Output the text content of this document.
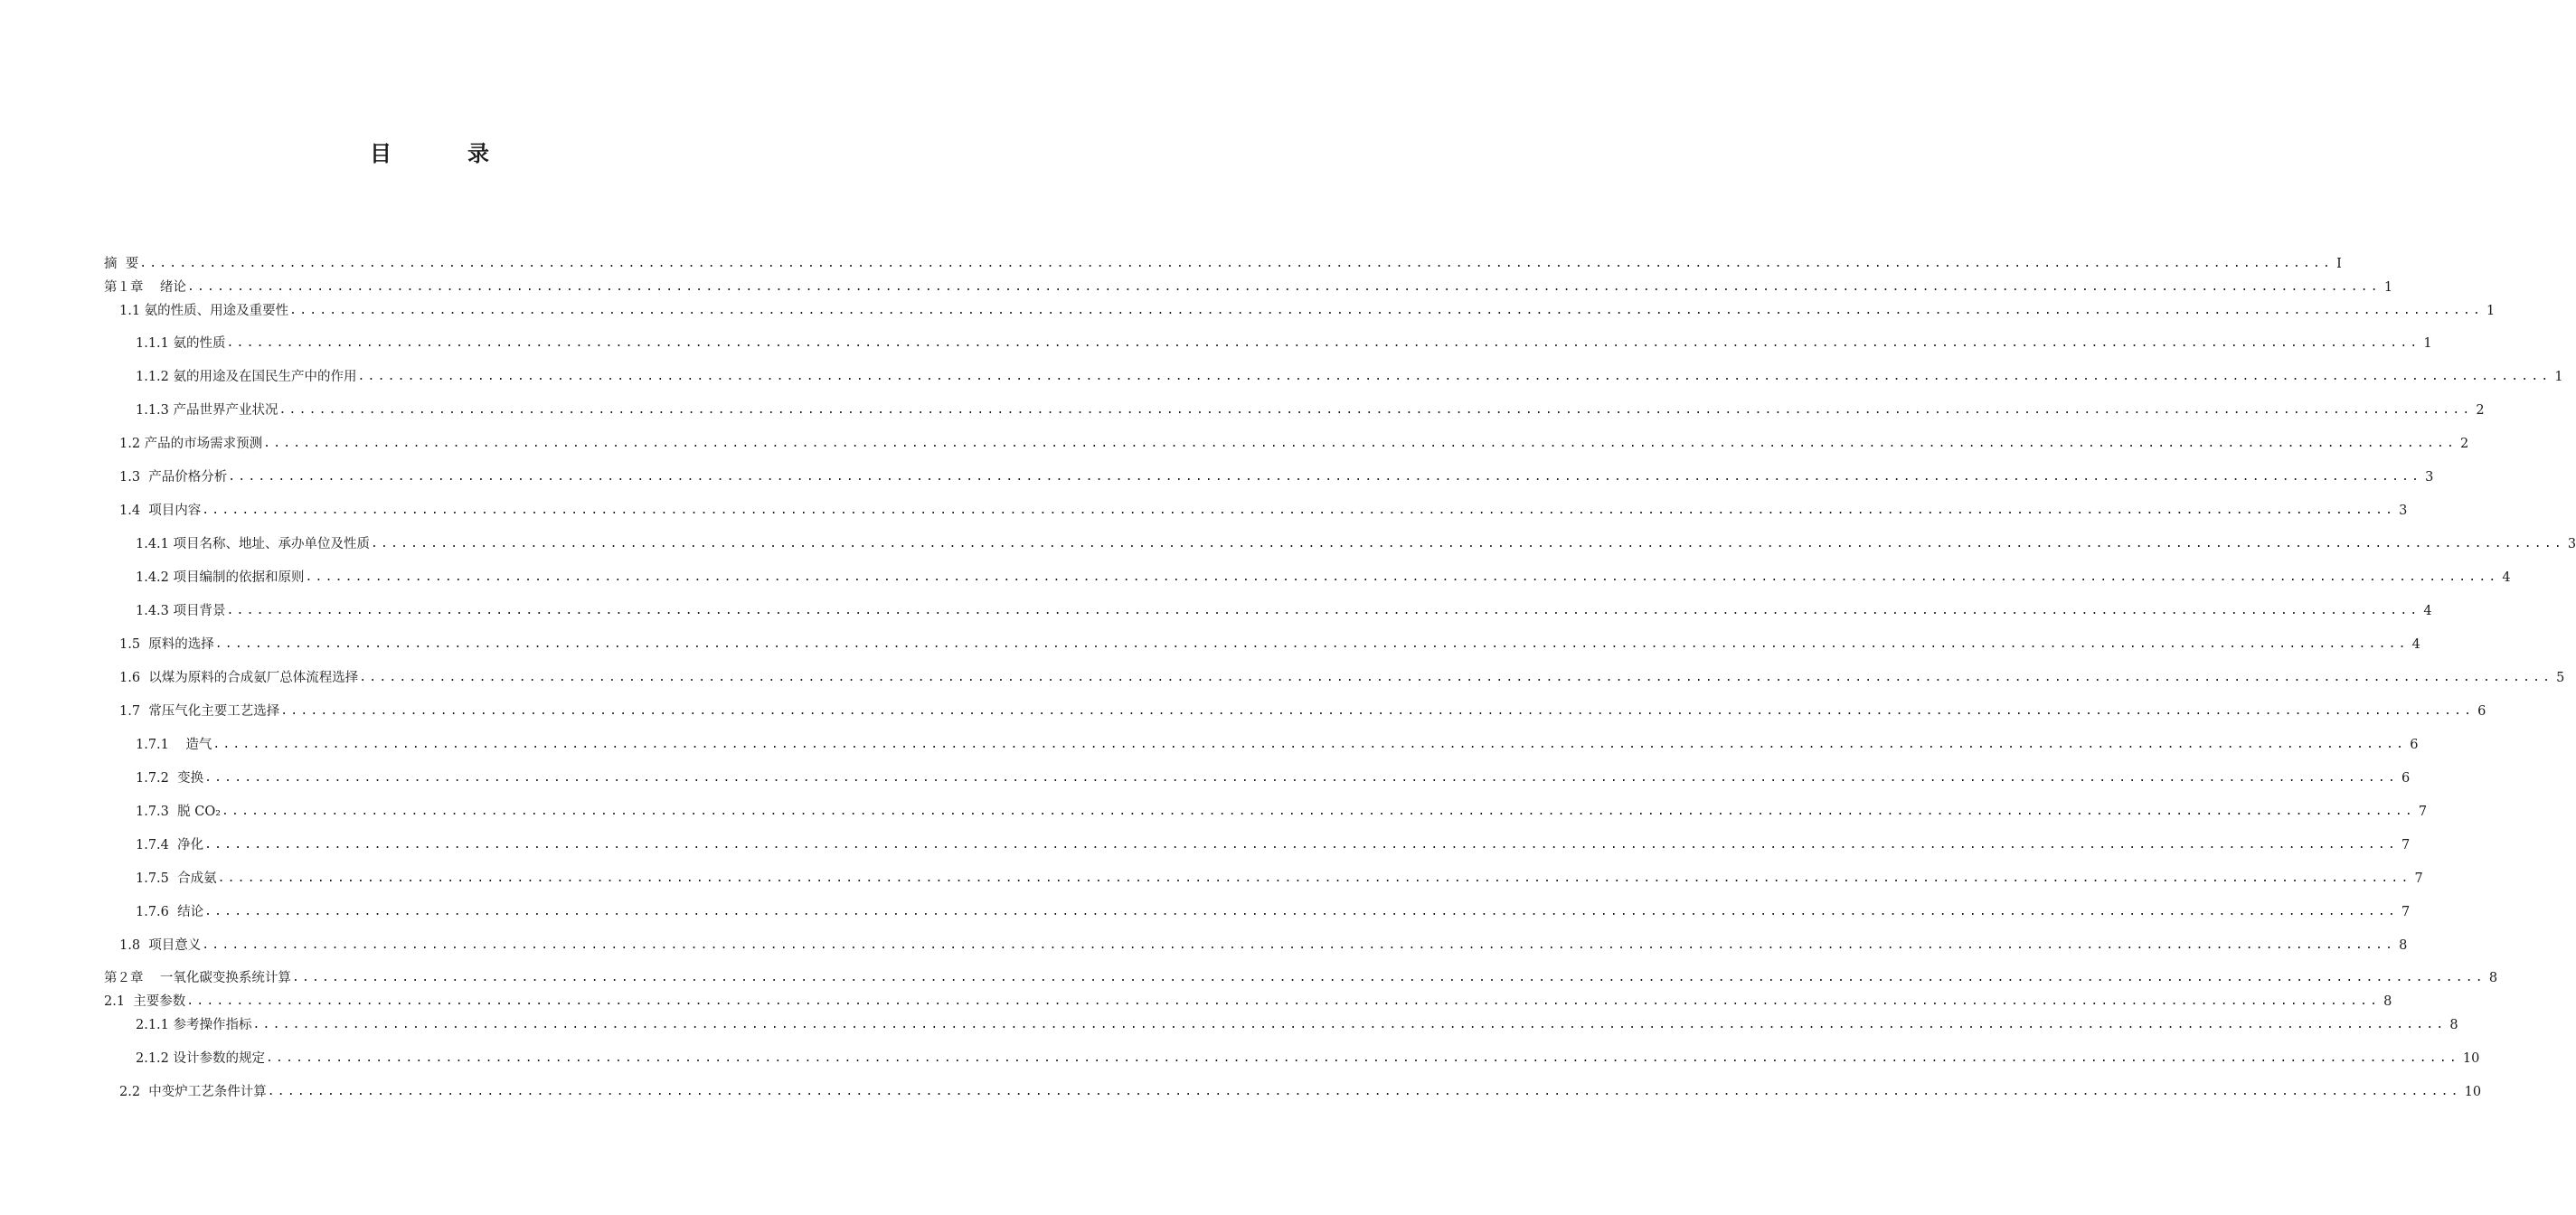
目　录
摘  要 ............................................................................................................................................................................................................................ I
第１章    绪论 ............................................................................................................................................................................................................................ 1
1.1 氨的性质、用途及重要性 ............................................................................................................................................................................................................................ 1
1.1.1 氨的性质 ............................................................................................................................................................................................................................ 1
1.1.2 氨的用途及在国民生产中的作用 ............................................................................................................................................................................................................................ 1
1.1.3 产品世界产业状况 ............................................................................................................................................................................................................................ 2
1.2 产品的市场需求预测 ............................................................................................................................................................................................................................ 2
1.3  产品价格分析 ............................................................................................................................................................................................................................ 3
1.4  项目内容 ............................................................................................................................................................................................................................ 3
1.4.1 项目名称、地址、承办单位及性质 ............................................................................................................................................................................................................................ 3
1.4.2 项目编制的依据和原则 ............................................................................................................................................................................................................................ 4
1.4.3 项目背景 ............................................................................................................................................................................................................................ 4
1.5  原料的选择 ............................................................................................................................................................................................................................ 4
1.6  以煤为原料的合成氨厂总体流程选择 ............................................................................................................................................................................................................................ 5
1.7  常压气化主要工艺选择 ............................................................................................................................................................................................................................ 6
1.7.1    造气 ............................................................................................................................................................................................................................ 6
1.7.2  变换 ............................................................................................................................................................................................................................ 6
1.7.3  脱 CO₂ ............................................................................................................................................................................................................................ 7
1.7.4  净化 ............................................................................................................................................................................................................................ 7
1.7.5  合成氨 ............................................................................................................................................................................................................................ 7
1.7.6  结论 ............................................................................................................................................................................................................................ 7
1.8  项目意义 ............................................................................................................................................................................................................................ 8
第２章    一氧化碳变换系统计算 ............................................................................................................................................................................................................................ 8
2.1  主要参数 ............................................................................................................................................................................................................................ 8
2.1.1 参考操作指标 ............................................................................................................................................................................................................................ 8
2.1.2 设计参数的规定 ............................................................................................................................................................................................................................ 10
2.2  中变炉工艺条件计算 ............................................................................................................................................................................................................................ 10
